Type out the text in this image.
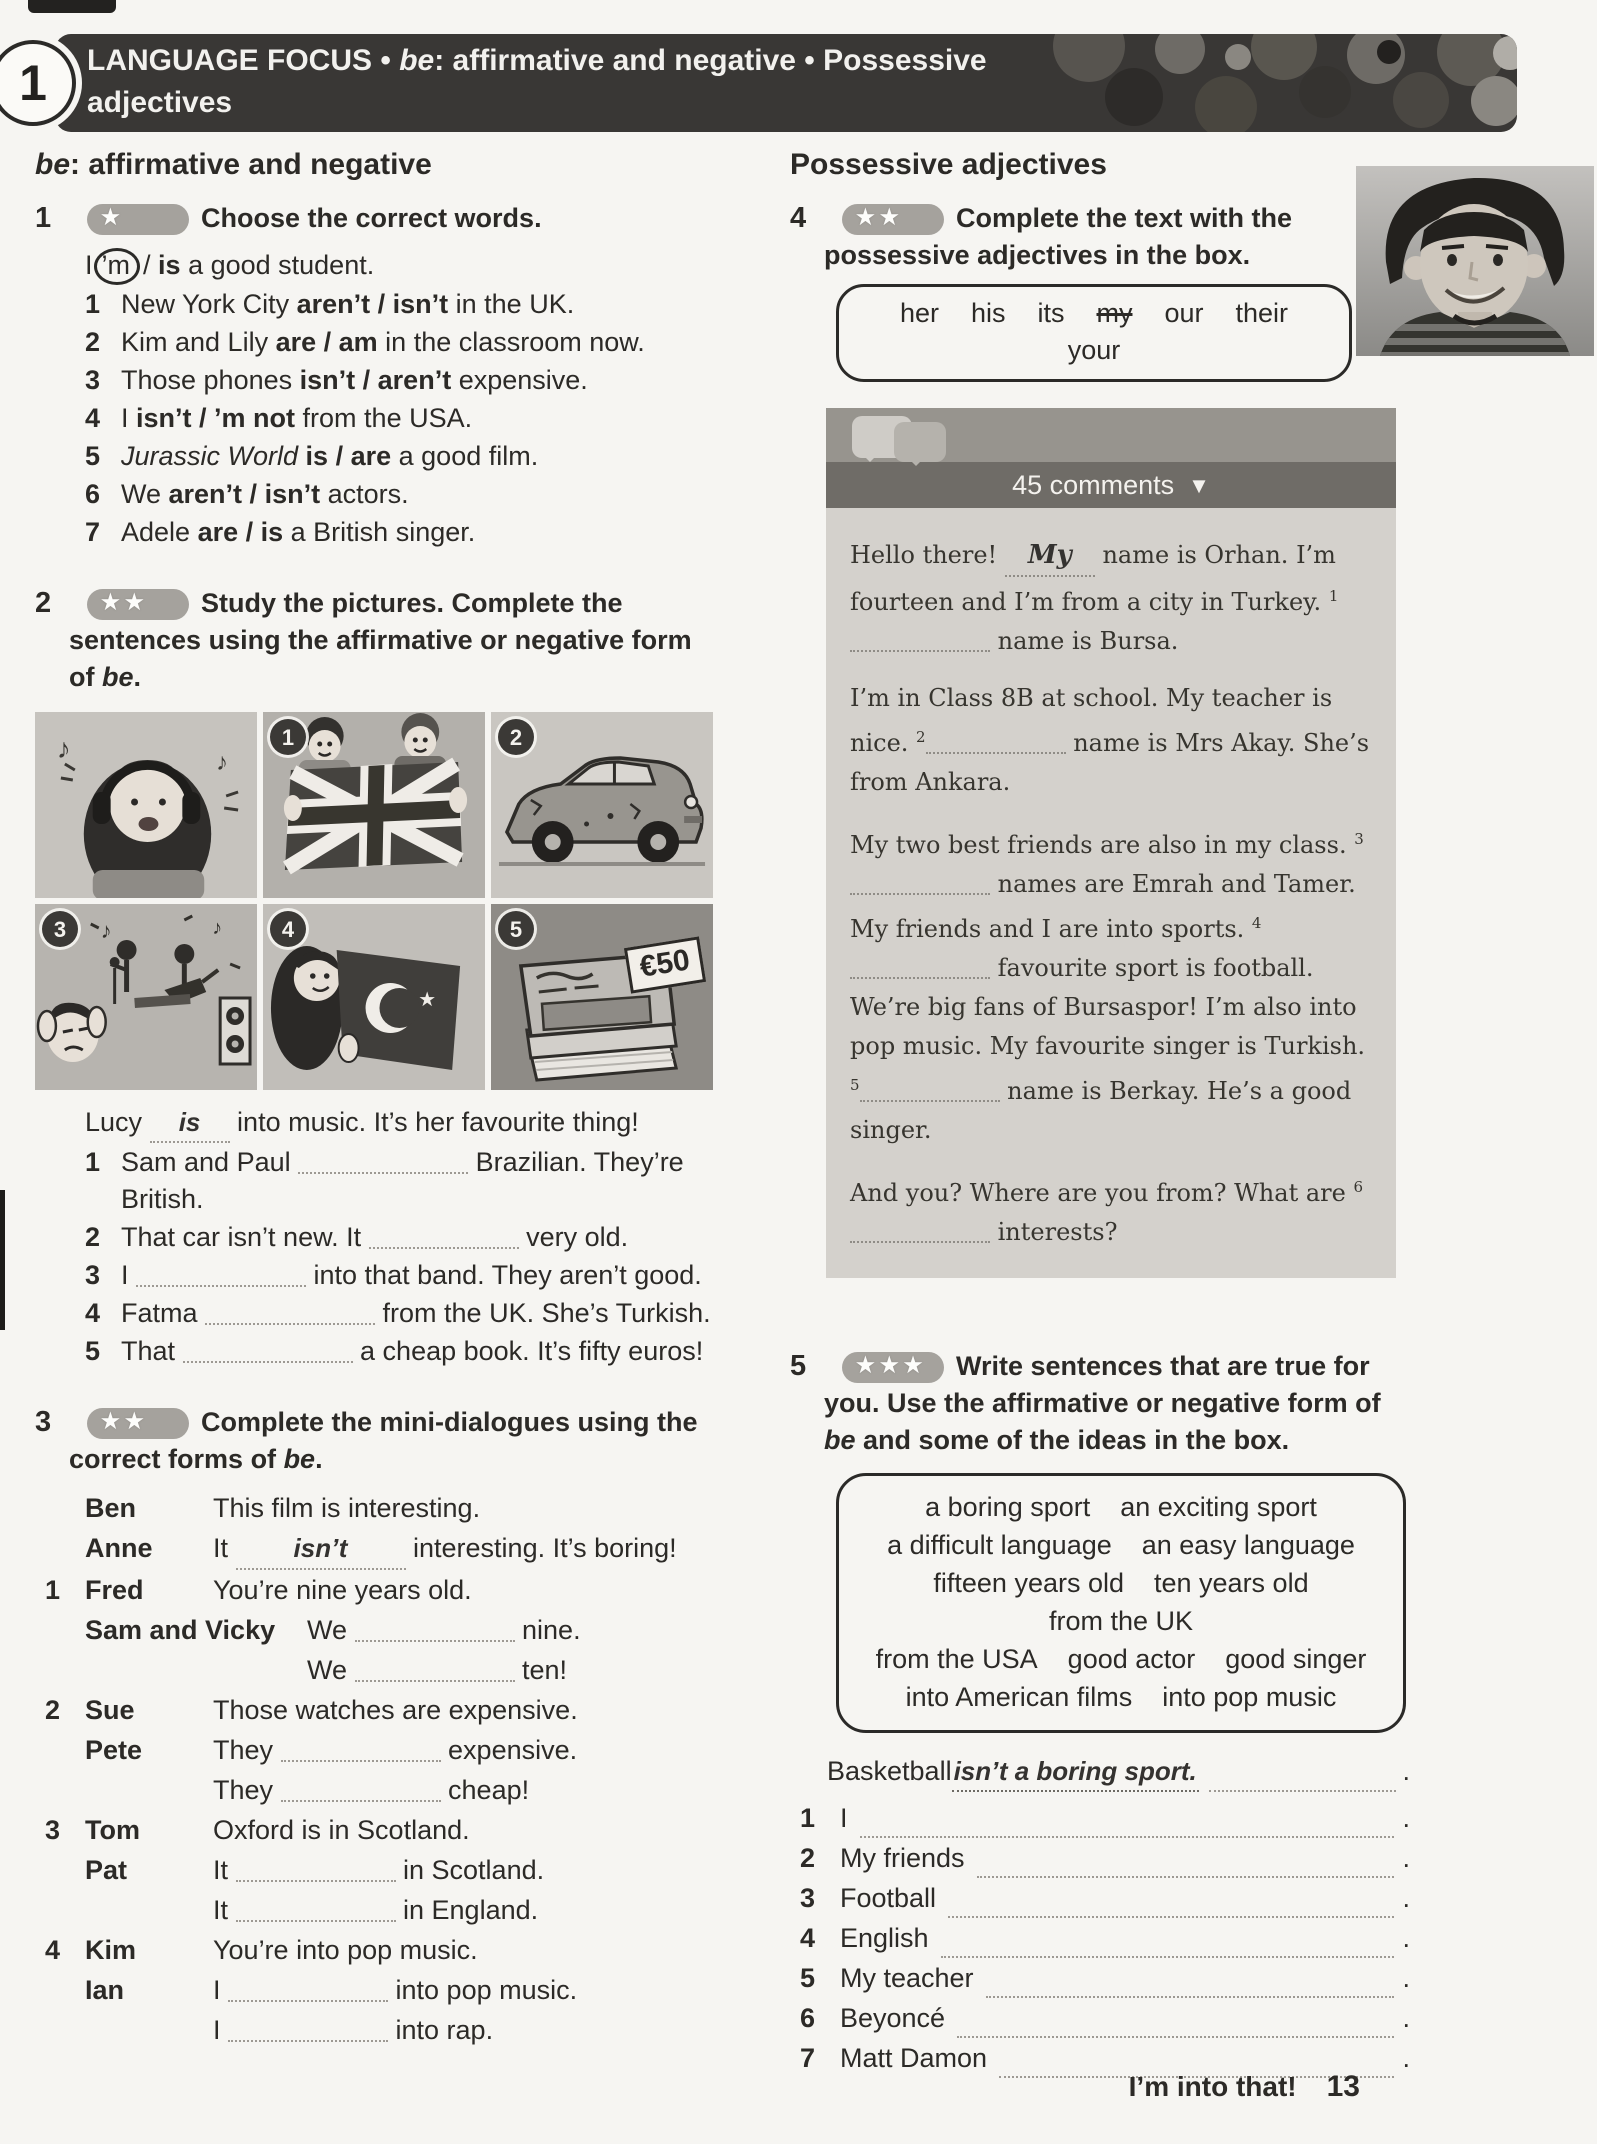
LANGUAGE FOCUS • be: affirmative and negative • Possessive adjectives
1
be: affirmative and negative
1 ★	Choose the correct words.
I ’m / is a good student.
1 New York City aren’t / isn’t in the UK.
2 Kim and Lily are / am in the classroom now.
3 Those phones isn’t / aren’t expensive.
4 I isn’t / ’m not from the USA.
5 Jurassic World is / are a good film.
6 We aren’t / isn’t actors.
7 Adele are / is a British singer.
2 ★★ Study the pictures. Complete the sentences using the affirmative or negative form of be.
♪	♪
1	2
3	♪	♪	4
★
5
€50
Lucy is into music. It’s her favourite thing!
1 Sam and Paul	Brazilian. They’re British.
2 That car isn’t new. It	very old.
3 I	into that band. They aren’t good.
4 Fatma	from the UK. She’s Turkish.
5 That	a cheap book. It’s fifty euros!
3 ★★ Complete the mini-dialogues using the correct forms of be.
Ben	This film is interesting.
Anne	It isn’t interesting. It’s boring!
1 Fred	You’re nine years old.
Sam and Vicky	We	nine.
We	ten!
2 Sue	Those watches are expensive.
Pete	They	expensive.
They	cheap!
3 Tom	Oxford is in Scotland.
Pat	It	in Scotland.
It	in England.
4 Kim	You’re into pop music.
Ian	I	into pop music.
I	into rap.
Possessive adjectives
4 ★★ Complete the text with the possessive adjectives in the box.
her his its my our theiryour
45 comments ▼

Hello there! My name is Orhan. I’m fourteen and I’m from a city in Turkey. $^1$ name is Bursa.

I’m in Class 8B at school. My teacher is nice. $^2$	name is Mrs Akay. She’s from Ankara.

My two best friends are also in my class. $^3$ names are Emrah and Tamer. My friends and I are into sports. $^4$ favourite sport is football. We’re big fans of Bursaspor! I’m also into pop music. My favourite singer is Turkish. $^5$	name is Berkay. He’s a good singer.

And you? Where are you from? What are $^6$ interests?

5 ★★★ Write sentences that are true for you. Use the affirmative or negative form of be and some of the ideas in the box.
a boring sport an exciting sport
a difficult language an easy language
fifteen years old ten years oldfrom the UK
from the USA good actor good singer
into American films into pop music
Basketball isn’t a boring sport.	.
1 I	.
2 My friends	.
3 Football	.
4 English	.
5 My teacher	.
6 Beyoncé	.
7 Matt Damon	.
I’m into that! 13
